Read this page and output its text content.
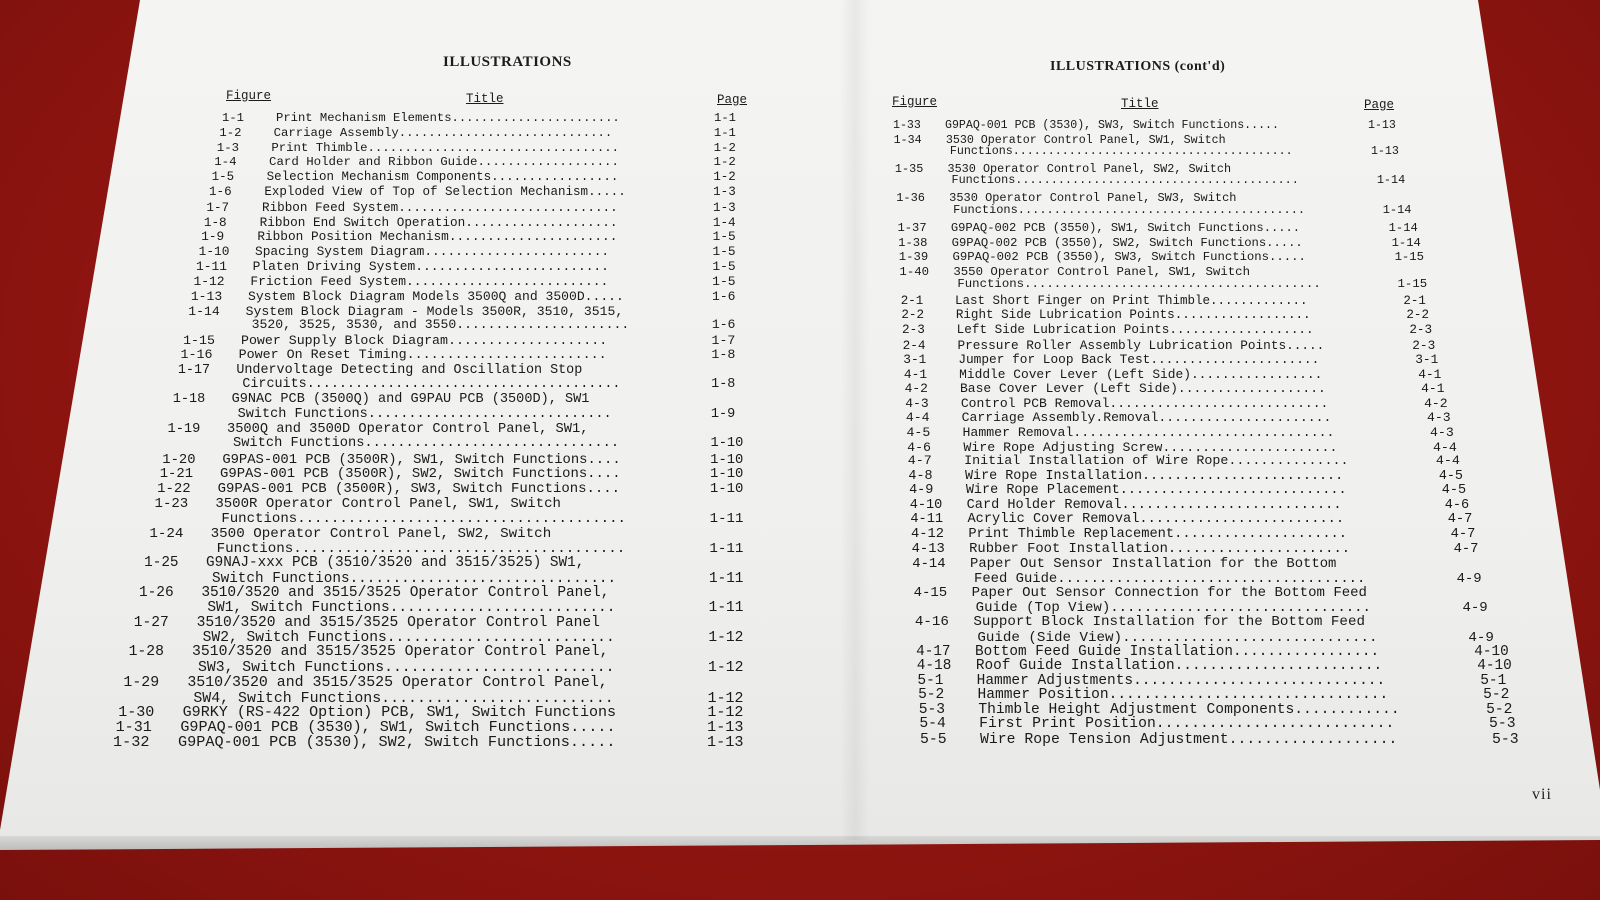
ILLUSTRATIONS
Figure	Title	Page
1-1	Print Mechanism Elements.......................	1-1
1-2	Carriage Assembly.............................	1-1
1-3	Print Thimble..................................	1-2
1-4	Card Holder and Ribbon Guide...................	1-2
1-5	Selection Mechanism Components.................	1-2
1-6	Exploded View of Top of Selection Mechanism.....	1-3
1-7	Ribbon Feed System.............................	1-3
1-8	Ribbon End Switch Operation....................	1-4
1-9	Ribbon Position Mechanism......................	1-5
1-10 Spacing System Diagram........................	1-5
1-11 Platen Driving System.........................	1-5
1-12 Friction Feed System..........................	1-5
1-13 System Block Diagram Models 3500Q and 3500D.....	1-6
1-14 System Block Diagram - Models 3500R, 3510, 3515,
3520, 3525, 3530, and 3550......................	1-6
1-15 Power Supply Block Diagram....................	1-7
1-16 Power On Reset Timing.........................	1-8
1-17 Undervoltage Detecting and Oscillation Stop
Circuits.......................................	1-8
1-18 G9NAC PCB (3500Q) and G9PAU PCB (3500D), SW1
Switch Functions..............................	1-9
1-19 3500Q and 3500D Operator Control Panel, SW1,
Switch Functions...............................	1-10
1-20 G9PAS-001 PCB (3500R), SW1, Switch Functions....	1-10
1-21 G9PAS-001 PCB (3500R), SW2, Switch Functions....	1-10
1-22 G9PAS-001 PCB (3500R), SW3, Switch Functions....	1-10
1-23 3500R Operator Control Panel, SW1, Switch
Functions.......................................	1-11
1-24 3500 Operator Control Panel, SW2, Switch
Functions.......................................	1-11
1-25 G9NAJ-xxx PCB (3510/3520 and 3515/3525) SW1,
Switch Functions...............................	1-11
1-26 3510/3520 and 3515/3525 Operator Control Panel,
SW1, Switch Functions..........................	1-11
1-27 3510/3520 and 3515/3525 Operator Control Panel
SW2, Switch Functions..........................	1-12
1-28 3510/3520 and 3515/3525 Operator Control Panel,
SW3, Switch Functions..........................	1-12
1-29 3510/3520 and 3515/3525 Operator Control Panel,
SW4, Switch Functions..........................	1-12
1-30 G9RKY (RS-422 Option) PCB, SW1, Switch Functions	1-12
1-31 G9PAQ-001 PCB (3530), SW1, Switch Functions.....	1-13
1-32 G9PAQ-001 PCB (3530), SW2, Switch Functions.....	1-13
ILLUSTRATIONS (cont'd)
Figure	Title	Page
1-33 G9PAQ-001 PCB (3530), SW3, Switch Functions.....	1-13
1-34 3530 Operator Control Panel, SW1, Switch
Functions........................................	1-13
1-35 3530 Operator Control Panel, SW2, Switch
Functions........................................	1-14
1-36 3530 Operator Control Panel, SW3, Switch
Functions........................................	1-14
1-37 G9PAQ-002 PCB (3550), SW1, Switch Functions.....	1-14
1-38 G9PAQ-002 PCB (3550), SW2, Switch Functions.....	1-14
1-39 G9PAQ-002 PCB (3550), SW3, Switch Functions.....	1-15
1-40 3550 Operator Control Panel, SW1, Switch
Functions........................................	1-15
2-1	Last Short Finger on Print Thimble.............	2-1
2-2	Right Side Lubrication Points..................	2-2
2-3	Left Side Lubrication Points...................	2-3
2-4	Pressure Roller Assembly Lubrication Points.....	2-3
3-1 Jumper for Loop Back Test......................	3-1
4-1 Middle Cover Lever (Left Side).................	4-1
4-2 Base Cover Lever (Left Side)...................	4-1
4-3 Control PCB Removal............................	4-2
4-4 Carriage Assembly.Removal......................	4-3
4-5 Hammer Removal.................................	4-3
4-6 Wire Rope Adjusting Screw......................	4-4
4-7 Initial Installation of Wire Rope...............	4-4
4-8 Wire Rope Installation.........................	4-5
4-9 Wire Rope Placement............................	4-5
4-10 Card Holder Removal...........................	4-6
4-11 Acrylic Cover Removal.........................	4-7
4-12 Print Thimble Replacement.....................	4-7
4-13 Rubber Foot Installation......................	4-7
4-14 Paper Out Sensor Installation for the Bottom
Feed Guide.....................................	4-9
4-15 Paper Out Sensor Connection for the Bottom Feed
Guide (Top View)...............................	4-9
4-16 Support Block Installation for the Bottom Feed
Guide (Side View)..............................	4-9
4-17 Bottom Feed Guide Installation.................	4-10
4-18 Roof Guide Installation........................	4-10
5-1 Hammer Adjustments.............................	5-1
5-2 Hammer Position................................	5-2
5-3 Thimble Height Adjustment Components............	5-2
5-4 First Print Position...........................	5-3
5-5 Wire Rope Tension Adjustment...................	5-3
vii
